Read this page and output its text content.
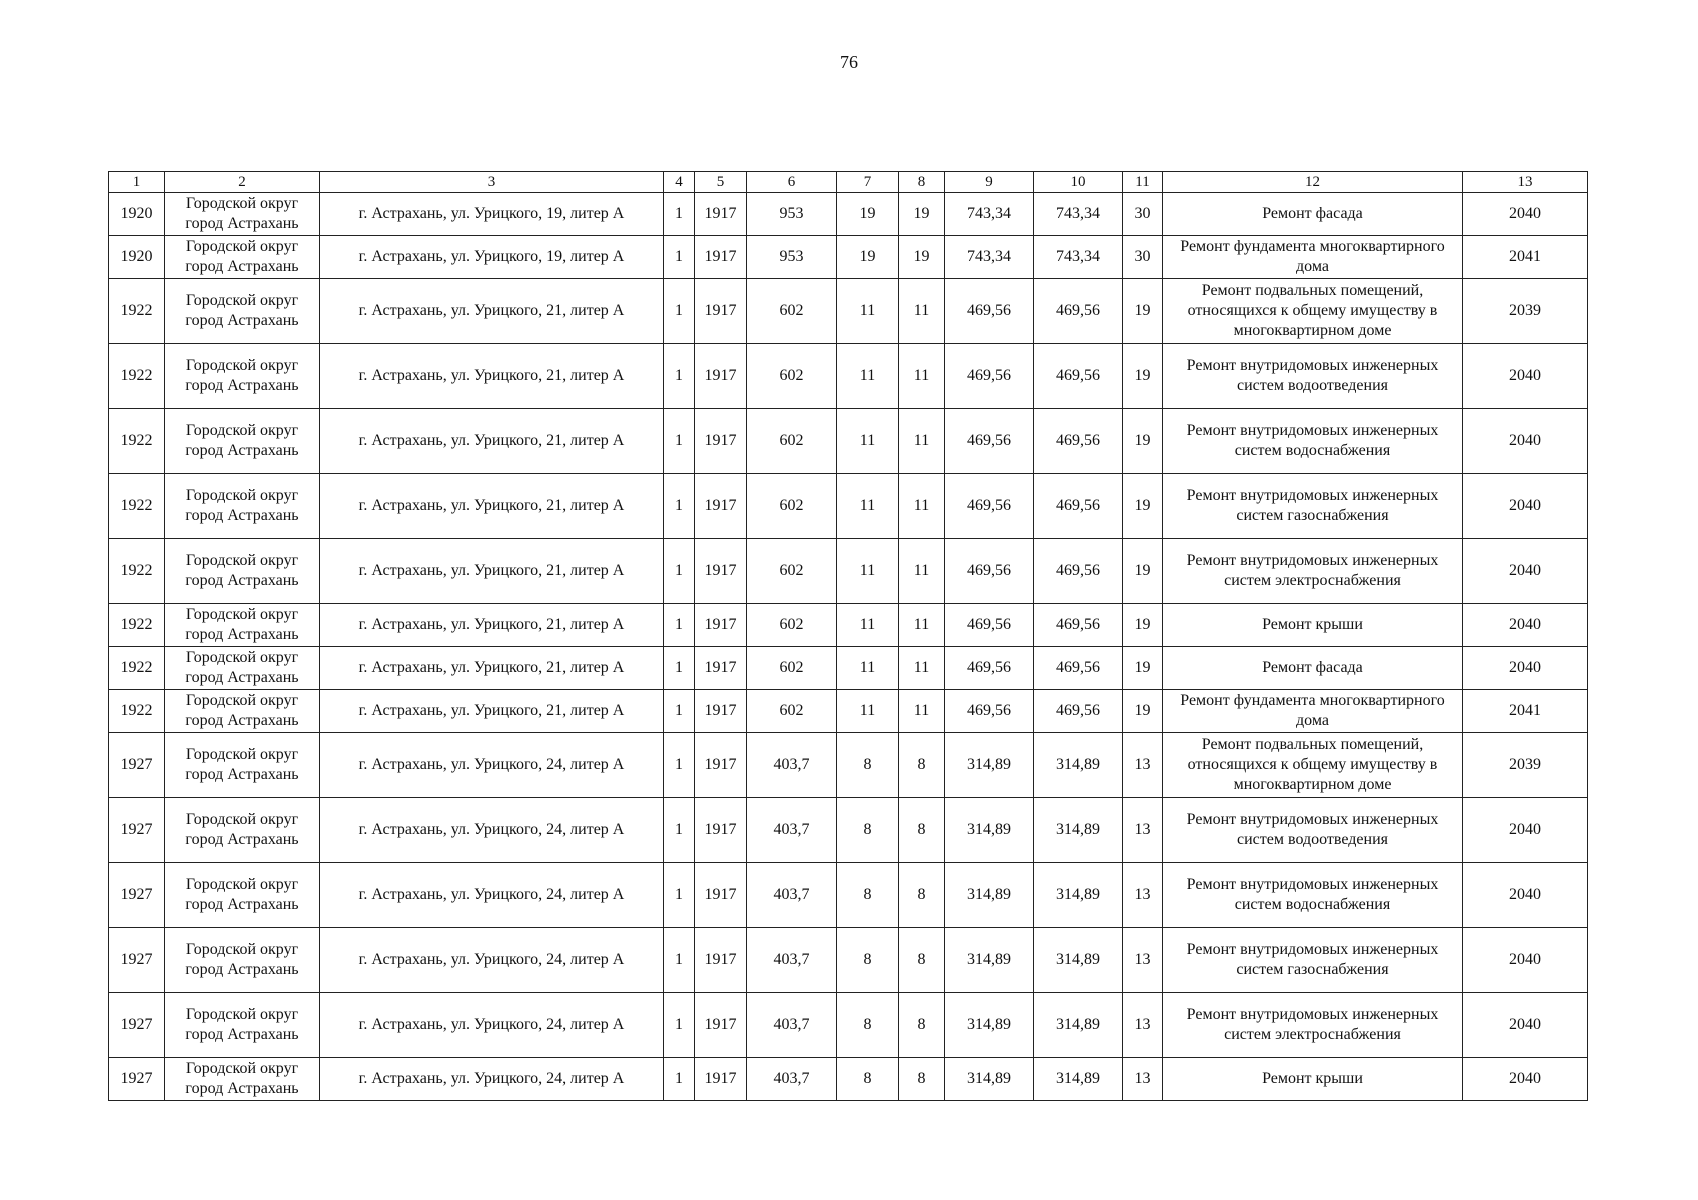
76
1	2	3	4	5	6	7	8	9	10	11	12	13
1920	Городской округ город Астрахань	г. Астрахань, ул. Урицкого, 19, литер А	1	1917	953	19	19	743,34	743,34	30	Ремонт фасада	2040
1920	Городской округ город Астрахань	г. Астрахань, ул. Урицкого, 19, литер А	1	1917	953	19	19	743,34	743,34	30	Ремонт фундамента многоквартирного дома	2041
1922	Городской округ город Астрахань	г. Астрахань, ул. Урицкого, 21, литер А	1	1917	602	11	11	469,56	469,56	19	Ремонт подвальных помещений, относящихся к общему имуществу в многоквартирном доме	2039
1922	Городской округ город Астрахань	г. Астрахань, ул. Урицкого, 21, литер А	1	1917	602	11	11	469,56	469,56	19	Ремонт внутридомовых инженерных систем водоотведения	2040
1922	Городской округ город Астрахань	г. Астрахань, ул. Урицкого, 21, литер А	1	1917	602	11	11	469,56	469,56	19	Ремонт внутридомовых инженерных систем водоснабжения	2040
1922	Городской округ город Астрахань	г. Астрахань, ул. Урицкого, 21, литер А	1	1917	602	11	11	469,56	469,56	19	Ремонт внутридомовых инженерных систем газоснабжения	2040
1922	Городской округ город Астрахань	г. Астрахань, ул. Урицкого, 21, литер А	1	1917	602	11	11	469,56	469,56	19	Ремонт внутридомовых инженерных систем электроснабжения	2040
1922	Городской округ город Астрахань	г. Астрахань, ул. Урицкого, 21, литер А	1	1917	602	11	11	469,56	469,56	19	Ремонт крыши	2040
1922	Городской округ город Астрахань	г. Астрахань, ул. Урицкого, 21, литер А	1	1917	602	11	11	469,56	469,56	19	Ремонт фасада	2040
1922	Городской округ город Астрахань	г. Астрахань, ул. Урицкого, 21, литер А	1	1917	602	11	11	469,56	469,56	19	Ремонт фундамента многоквартирного дома	2041
1927	Городской округ город Астрахань	г. Астрахань, ул. Урицкого, 24, литер А	1	1917	403,7	8	8	314,89	314,89	13	Ремонт подвальных помещений, относящихся к общему имуществу в многоквартирном доме	2039
1927	Городской округ город Астрахань	г. Астрахань, ул. Урицкого, 24, литер А	1	1917	403,7	8	8	314,89	314,89	13	Ремонт внутридомовых инженерных систем водоотведения	2040
1927	Городской округ город Астрахань	г. Астрахань, ул. Урицкого, 24, литер А	1	1917	403,7	8	8	314,89	314,89	13	Ремонт внутридомовых инженерных систем водоснабжения	2040
1927	Городской округ город Астрахань	г. Астрахань, ул. Урицкого, 24, литер А	1	1917	403,7	8	8	314,89	314,89	13	Ремонт внутридомовых инженерных систем газоснабжения	2040
1927	Городской округ город Астрахань	г. Астрахань, ул. Урицкого, 24, литер А	1	1917	403,7	8	8	314,89	314,89	13	Ремонт внутридомовых инженерных систем электроснабжения	2040
1927	Городской округ город Астрахань	г. Астрахань, ул. Урицкого, 24, литер А	1	1917	403,7	8	8	314,89	314,89	13	Ремонт крыши	2040
